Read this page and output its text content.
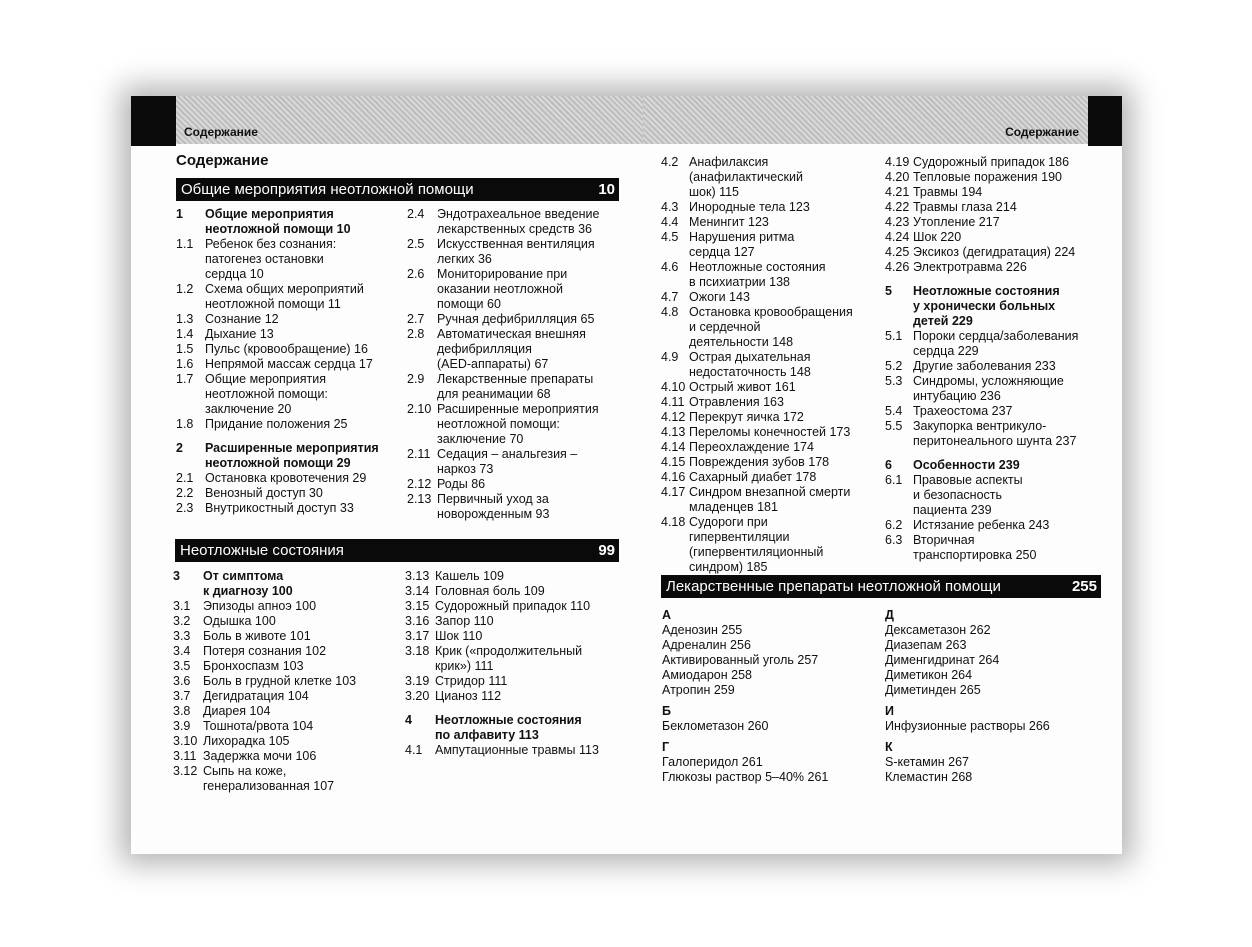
Содержание
Содержание
Общие мероприятия неотложной помощи	10
1	Общие мероприятия
неотложной помощи 10
1.1 Ребенок без сознания:
патогенез остановки
сердца 10
1.2 Схема общих мероприятий
неотложной помощи 11
1.3 Сознание 12
1.4 Дыхание 13
1.5 Пульс (кровообращение) 16
1.6 Непрямой массаж сердца 17
1.7 Общие мероприятия
неотложной помощи:
заключение 20
1.8 Придание положения 25
2	Расширенные мероприятия
неотложной помощи 29
2.1 Остановка кровотечения 29
2.2 Венозный доступ 30
2.3 Внутрикостный доступ 33
2.4	Эндотрахеальное введение
лекарственных средств 36
2.5	Искусственная вентиляция
легких 36
2.6	Мониторирование при
оказании неотложной
помощи 60
2.7	Ручная дефибрилляция 65
2.8	Автоматическая внешняя
дефибрилляция
(AED-аппараты) 67
2.9	Лекарственные препараты
для реанимации 68
2.10 Расширенные мероприятия
неотложной помощи:
заключение 70
2.11 Седация – анальгезия –
наркоз 73
2.12 Роды 86
2.13 Первичный уход за
новорожденным 93
Неотложные состояния	99
3	От симптома
к диагнозу 100
3.1	Эпизоды апноэ 100
3.2	Одышка 100
3.3	Боль в животе 101
3.4	Потеря сознания 102
3.5	Бронхоспазм 103
3.6	Боль в грудной клетке 103
3.7	Дегидратация 104
3.8	Диарея 104
3.9	Тошнота/рвота 104
3.10 Лихорадка 105
3.11 Задержка мочи 106
3.12 Сыпь на коже,
генерализованная 107
3.13 Кашель 109
3.14 Головная боль 109
3.15 Судорожный припадок 110
3.16 Запор 110
3.17 Шок 110
3.18 Крик («продолжительный
крик») 111
3.19 Стридор 111
3.20 Цианоз 112
4	Неотложные состояния
по алфавиту 113
4.1	Ампутационные травмы 113
Содержание
4.2 Анафилаксия
(анафилактический
шок) 115
4.3 Инородные тела 123
4.4 Менингит 123
4.5 Нарушения ритма
сердца 127
4.6 Неотложные состояния
в психиатрии 138
4.7 Ожоги 143
4.8 Остановка кровообращения
и сердечной
деятельности 148
4.9 Острая дыхательная
недостаточность 148
4.10 Острый живот 161
4.11 Отравления 163
4.12 Перекрут яичка 172
4.13 Переломы конечностей 173
4.14 Переохлаждение 174
4.15 Повреждения зубов 178
4.16 Сахарный диабет 178
4.17 Синдром внезапной смерти
младенцев 181
4.18 Судороги при
гипервентиляции
(гипервентиляционный
синдром) 185
4.19 Судорожный припадок 186
4.20 Тепловые поражения 190
4.21 Травмы 194
4.22 Травмы глаза 214
4.23 Утопление 217
4.24 Шок 220
4.25 Эксикоз (дегидратация) 224
4.26 Электротравма 226
5	Неотложные состояния
у хронически больных
детей 229
5.1 Пороки сердца/заболевания
сердца 229
5.2 Другие заболевания 233
5.3 Синдромы, усложняющие
интубацию 236
5.4 Трахеостома 237
5.5 Закупорка вентрикуло-
перитонеального шунта 237
6	Особенности 239
6.1 Правовые аспекты
и безопасность
пациента 239
6.2 Истязание ребенка 243
6.3 Вторичная
транспортировка 250
Лекарственные препараты неотложной помощи	255
А
Аденозин 255
Адреналин 256
Активированный уголь 257
Амиодарон 258
Атропин 259
Б
Беклометазон 260
Г
Галоперидол 261
Глюкозы раствор 5–40% 261
Д
Дексаметазон 262
Диазепам 263
Дименгидринат 264
Диметикон 264
Диметинден 265
И
Инфузионные растворы 266
К
S-кетамин 267
Клемастин 268
